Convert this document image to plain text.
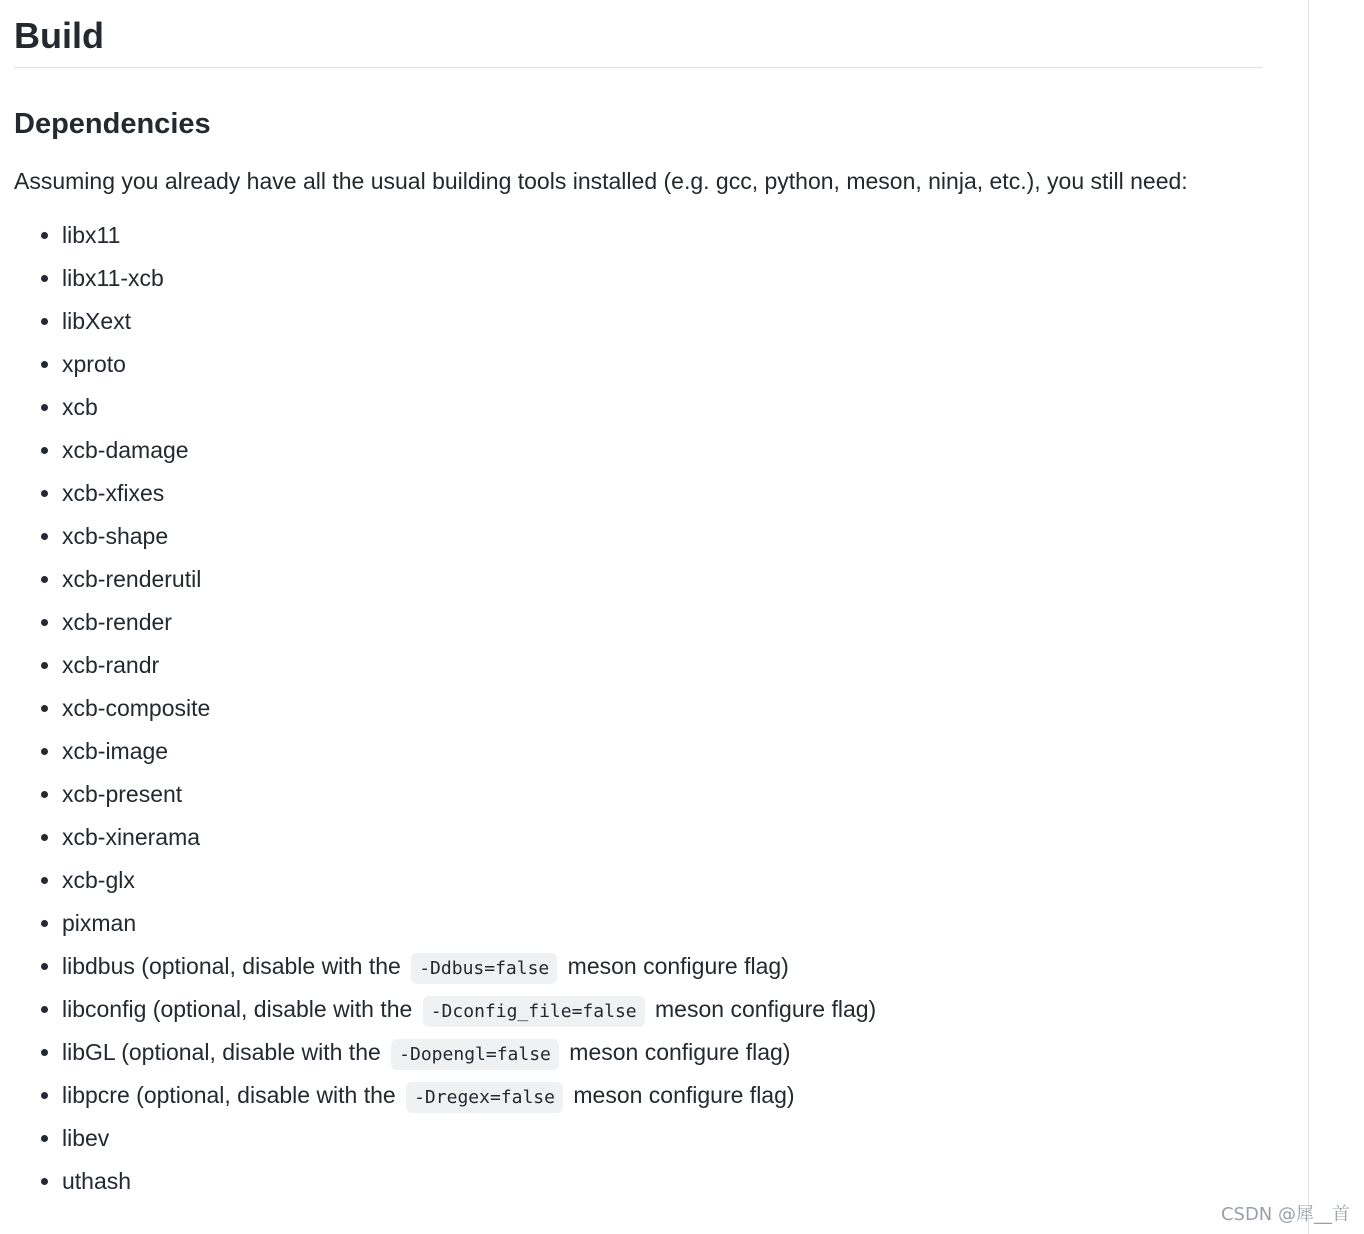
Build
Dependencies

Assuming you already have all the usual building tools installed (e.g. gcc, python, meson, ninja, etc.), you still need:

libx11
libx11-xcb
libXext
xproto
xcb
xcb-damage
xcb-xfixes
xcb-shape
xcb-renderutil
xcb-render
xcb-randr
xcb-composite
xcb-image
xcb-present
xcb-xinerama
xcb-glx
pixman
libdbus (optional, disable with the -Ddbus=false meson configure flag)
libconfig (optional, disable with the -Dconfig_file=false meson configure flag)
libGL (optional, disable with the -Dopengl=false meson configure flag)
libpcre (optional, disable with the -Dregex=false meson configure flag)
libev
uthash
CSDN @犀__首
